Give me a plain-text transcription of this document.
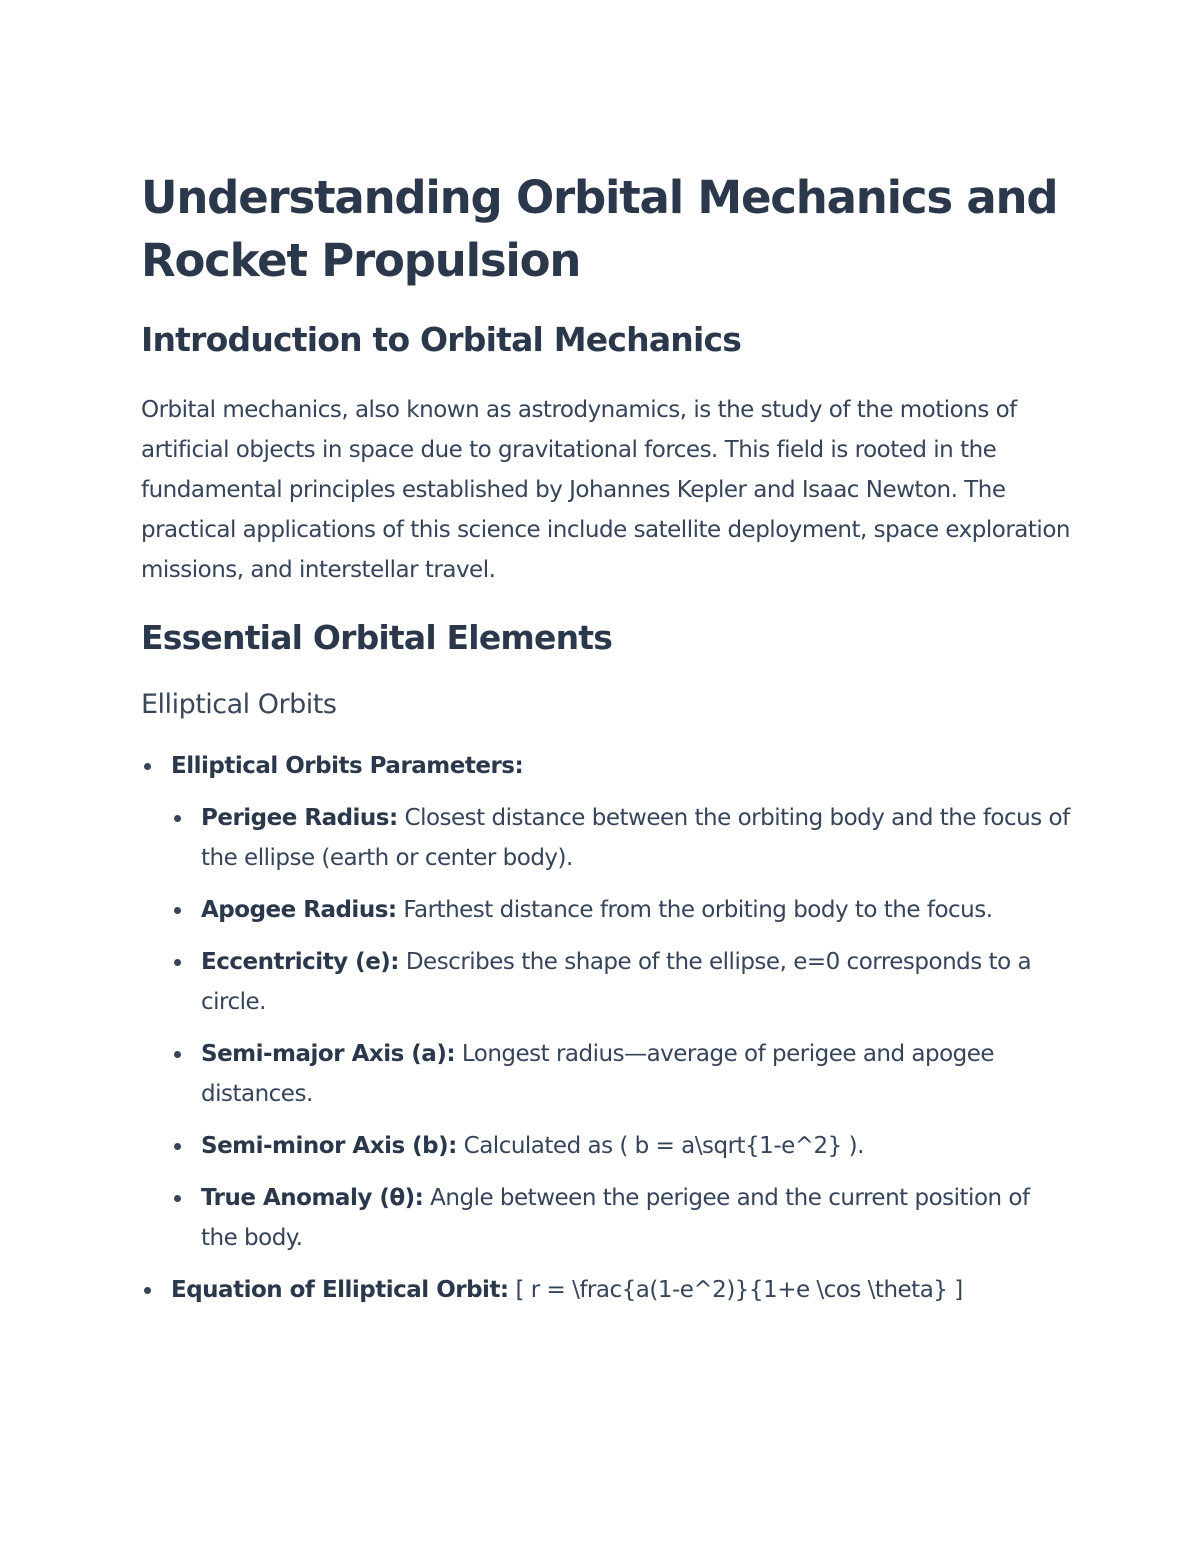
Understanding Orbital Mechanics and Rocket Propulsion
Introduction to Orbital Mechanics

Orbital mechanics, also known as astrodynamics, is the study of the motions of artificial objects in space due to gravitational forces. This field is rooted in the fundamental principles established by Johannes Kepler and Isaac Newton. The practical applications of this science include satellite deployment, space exploration missions, and interstellar travel.

Essential Orbital Elements
Elliptical Orbits
Elliptical Orbits Parameters:
Perigee Radius: Closest distance between the orbiting body and the focus of the ellipse (earth or center body).
Apogee Radius: Farthest distance from the orbiting body to the focus.
Eccentricity (e): Describes the shape of the ellipse, e=0 corresponds to a circle.
Semi-major Axis (a): Longest radius—average of perigee and apogee distances.
Semi-minor Axis (b): Calculated as ( b = a\sqrt{1-e^2} ).
True Anomaly (θ): Angle between the perigee and the current position of the body.
Equation of Elliptical Orbit: [ r = \frac{a(1-e^2)}{1+e \cos \theta} ]
